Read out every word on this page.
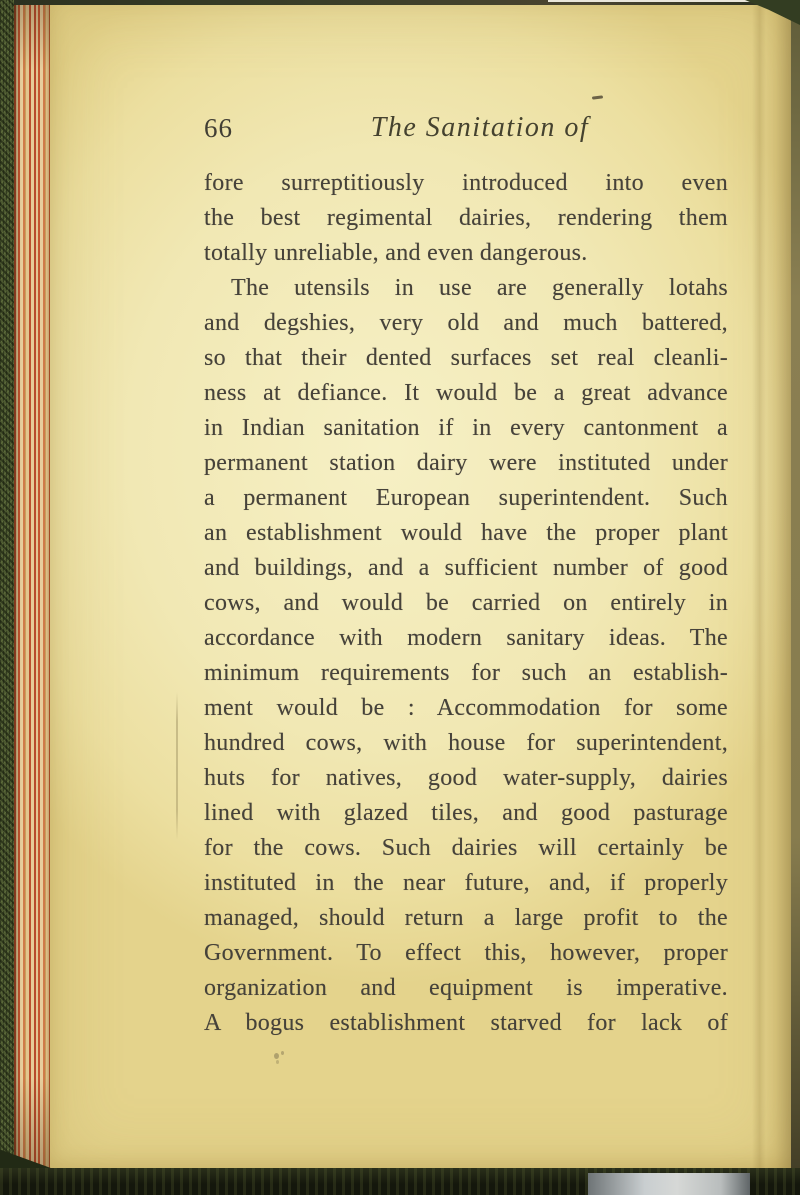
66	The Sanitation of
fore surreptitiously introduced into even
the best regimental dairies, rendering them
totally unreliable, and even dangerous.
The utensils in use are generally lotahs
and degshies, very old and much battered,
so that their dented surfaces set real cleanli-
ness at defiance. It would be a great advance
in Indian sanitation if in every cantonment a
permanent station dairy were instituted under
a permanent European superintendent. Such
an establishment would have the proper plant
and buildings, and a sufficient number of good
cows, and would be carried on entirely in
accordance with modern sanitary ideas. The
minimum requirements for such an establish-
ment would be : Accommodation for some
hundred cows, with house for superintendent,
huts for natives, good water-supply, dairies
lined with glazed tiles, and good pasturage
for the cows. Such dairies will certainly be
instituted in the near future, and, if properly
managed, should return a large profit to the
Government. To effect this, however, proper
organization and equipment is imperative.
A bogus establishment starved for lack of
